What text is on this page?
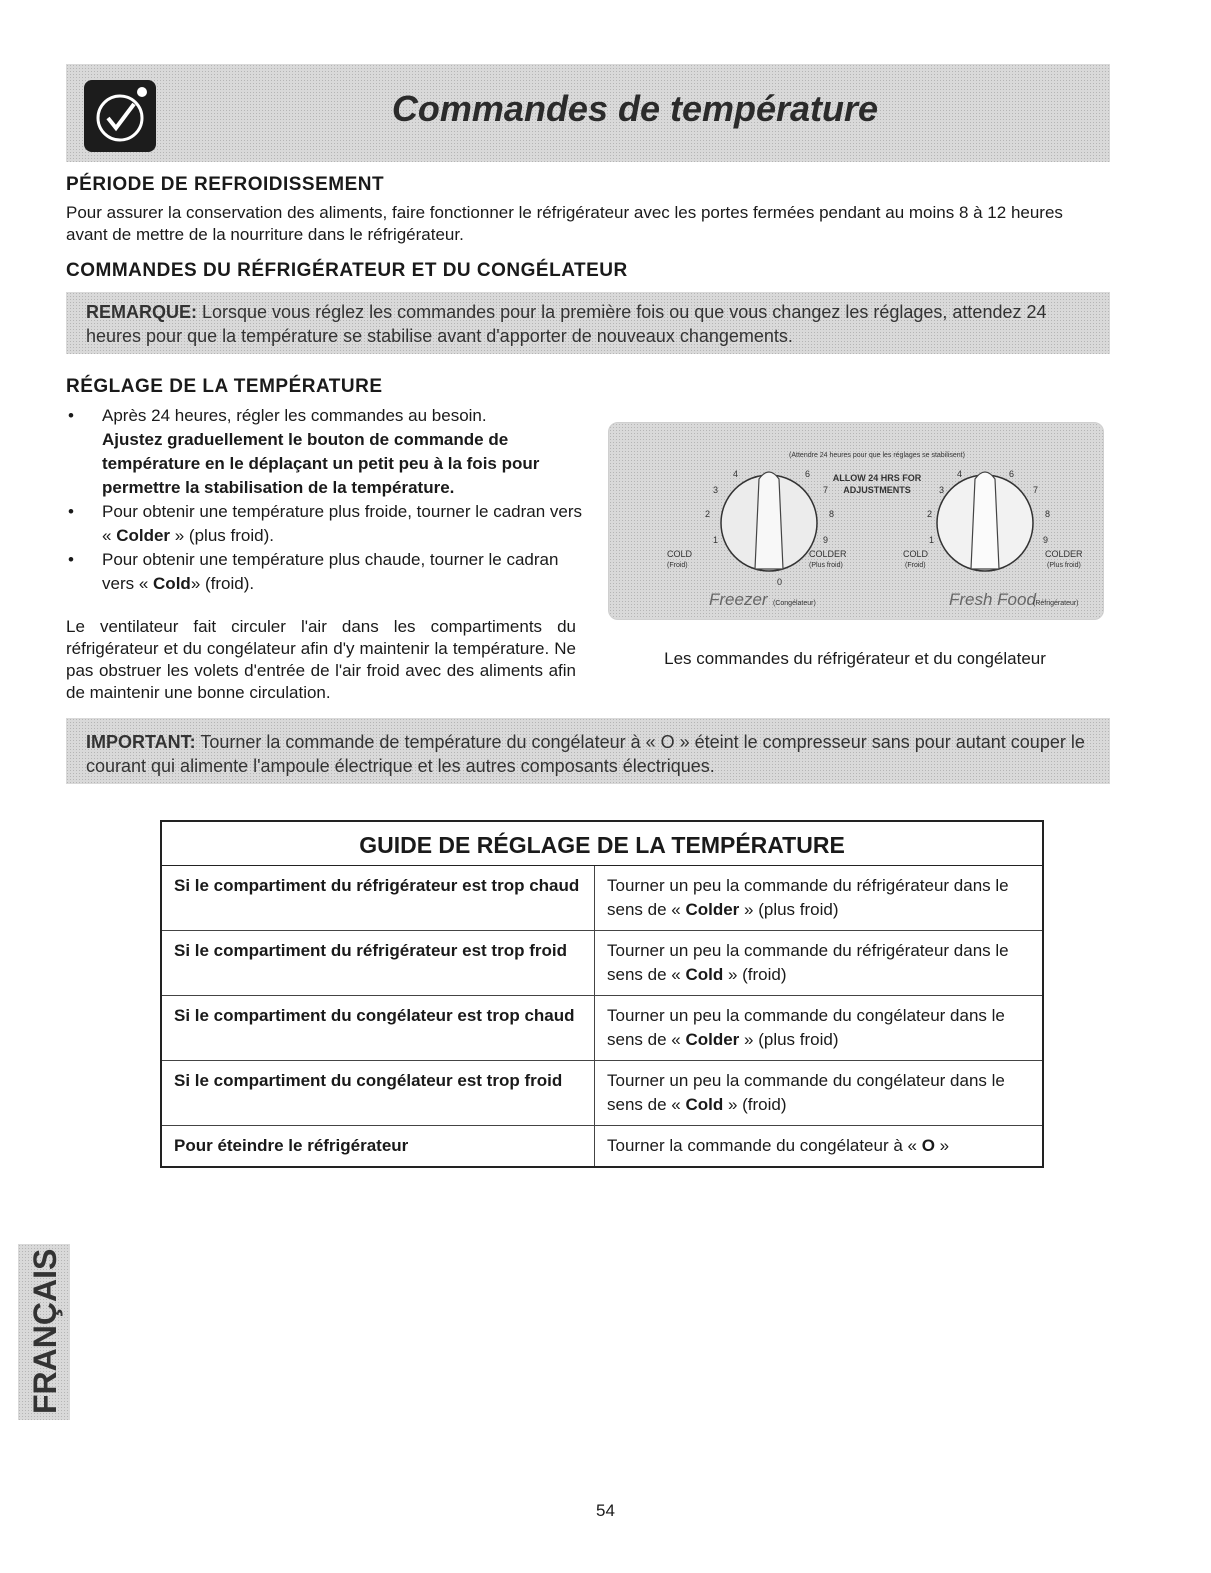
Commandes de température
PÉRIODE DE REFROIDISSEMENT
Pour assurer la conservation des aliments, faire fonctionner le réfrigérateur avec les portes fermées pendant au moins 8 à 12 heures avant de mettre de la nourriture dans le réfrigérateur.
COMMANDES DU RÉFRIGÉRATEUR ET DU CONGÉLATEUR
REMARQUE: Lorsque vous réglez les commandes pour la première fois ou que vous changez les réglages, attendez 24 heures pour que la température se stabilise avant d'apporter de nouveaux changements.
RÉGLAGE DE LA TEMPÉRATURE
• Après 24 heures, régler les commandes au besoin.
Ajustez graduellement le bouton de commande de température en le déplaçant un petit peu à la fois pour permettre la stabilisation de la température.
• Pour obtenir une température plus froide, tourner le cadran vers « Colder » (plus froid).
• Pour obtenir une température plus chaude, tourner le cadran vers « Cold» (froid).
Le ventilateur fait circuler l'air dans les compartiments du réfrigérateur et du congélateur afin d'y maintenir la température. Ne pas obstruer les volets d'entrée de l'air froid avec des aliments afin de maintenir une bonne circulation.
4	6
3	7
2	8
1	9
0
4	6
3	7
2	8
1	9
(Attendre 24 heures pour que les réglages se stabilisent)
ALLOW 24 HRS FOR
ADJUSTMENTS
COLD
(Froid)
COLDER
(Plus froid)
COLD
(Froid)
COLDER
(Plus froid)
Freezer (Congélateur)	Fresh Food
(Réfrigérateur)
Les commandes du réfrigérateur et du congélateur
IMPORTANT: Tourner la commande de température du congélateur à « O » éteint le compresseur sans pour autant couper le courant qui alimente l'ampoule électrique et les autres composants électriques.
GUIDE DE RÉGLAGE DE LA TEMPÉRATURE	
Si le compartiment du réfrigérateur est trop chaud	Tourner un peu la commande du réfrigérateur dans le sens de « Colder » (plus froid)
Si le compartiment du réfrigérateur est trop froid	Tourner un peu la commande du réfrigérateur dans le sens de « Cold » (froid)
Si le compartiment du congélateur est trop chaud	Tourner un peu la commande du congélateur dans le sens de « Colder » (plus froid)
Si le compartiment du congélateur est trop froid	Tourner un peu la commande du congélateur dans le sens de « Cold » (froid)
Pour éteindre le réfrigérateur	Tourner la commande du congélateur à « O »
FRANÇAIS
54
